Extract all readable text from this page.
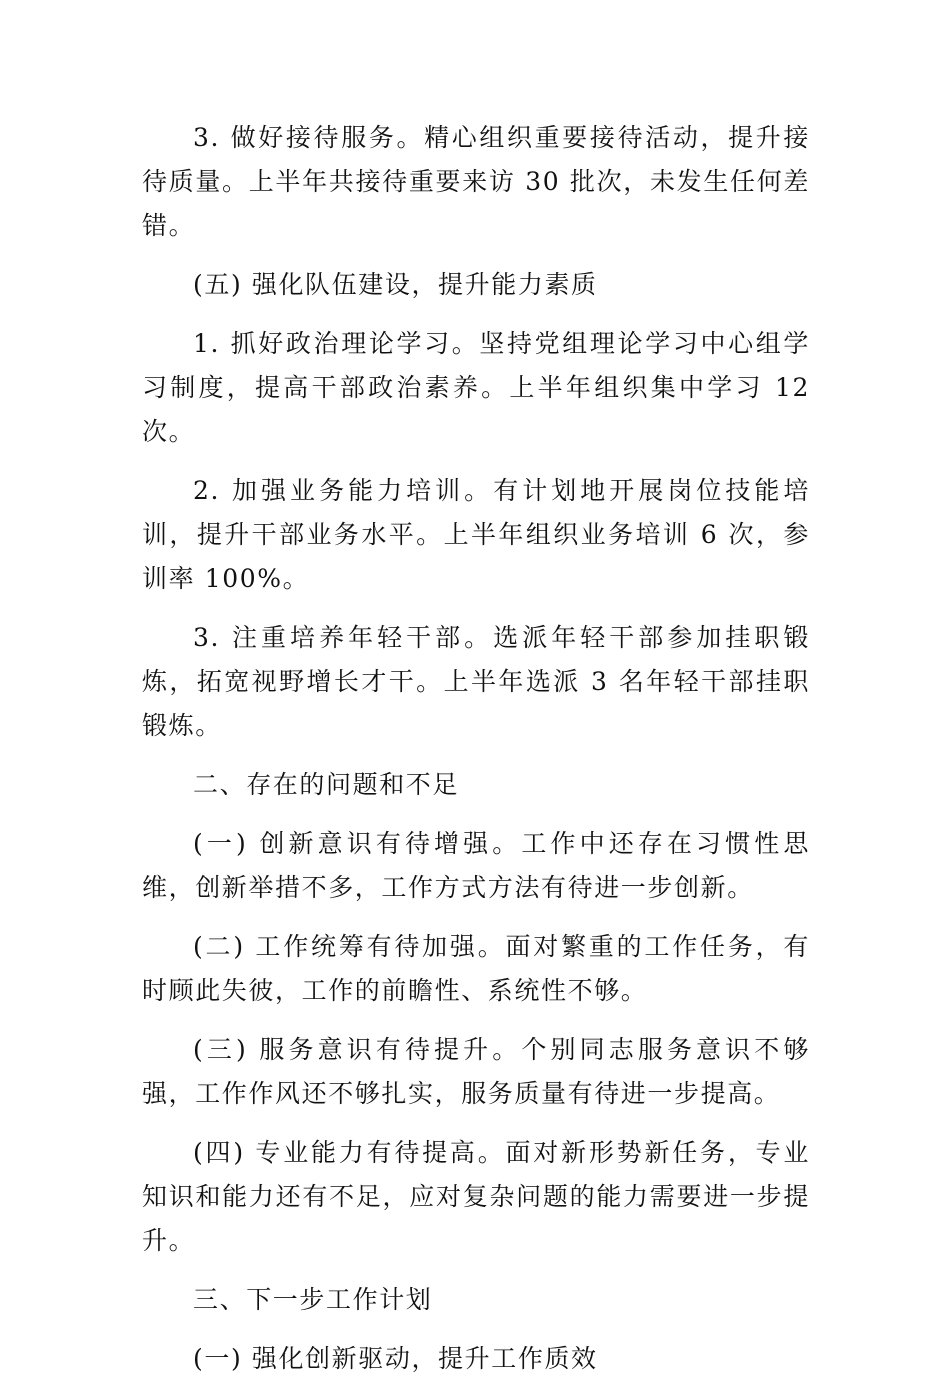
3. 做好接待服务。精心组织重要接待活动，提升接待质量。上半年共接待重要来访 30 批次，未发生任何差错。

(五) 强化队伍建设，提升能力素质

1. 抓好政治理论学习。坚持党组理论学习中心组学习制度，提高干部政治素养。上半年组织集中学习 12 次。

2. 加强业务能力培训。有计划地开展岗位技能培训，提升干部业务水平。上半年组织业务培训 6 次，参训率 100%。

3. 注重培养年轻干部。选派年轻干部参加挂职锻炼，拓宽视野增长才干。上半年选派 3 名年轻干部挂职锻炼。

二、存在的问题和不足

(一) 创新意识有待增强。工作中还存在习惯性思维，创新举措不多，工作方式方法有待进一步创新。

(二) 工作统筹有待加强。面对繁重的工作任务，有时顾此失彼，工作的前瞻性、系统性不够。

(三) 服务意识有待提升。个别同志服务意识不够强，工作作风还不够扎实，服务质量有待进一步提高。

(四) 专业能力有待提高。面对新形势新任务，专业知识和能力还有不足，应对复杂问题的能力需要进一步提升。

三、下一步工作计划

(一) 强化创新驱动，提升工作质效
